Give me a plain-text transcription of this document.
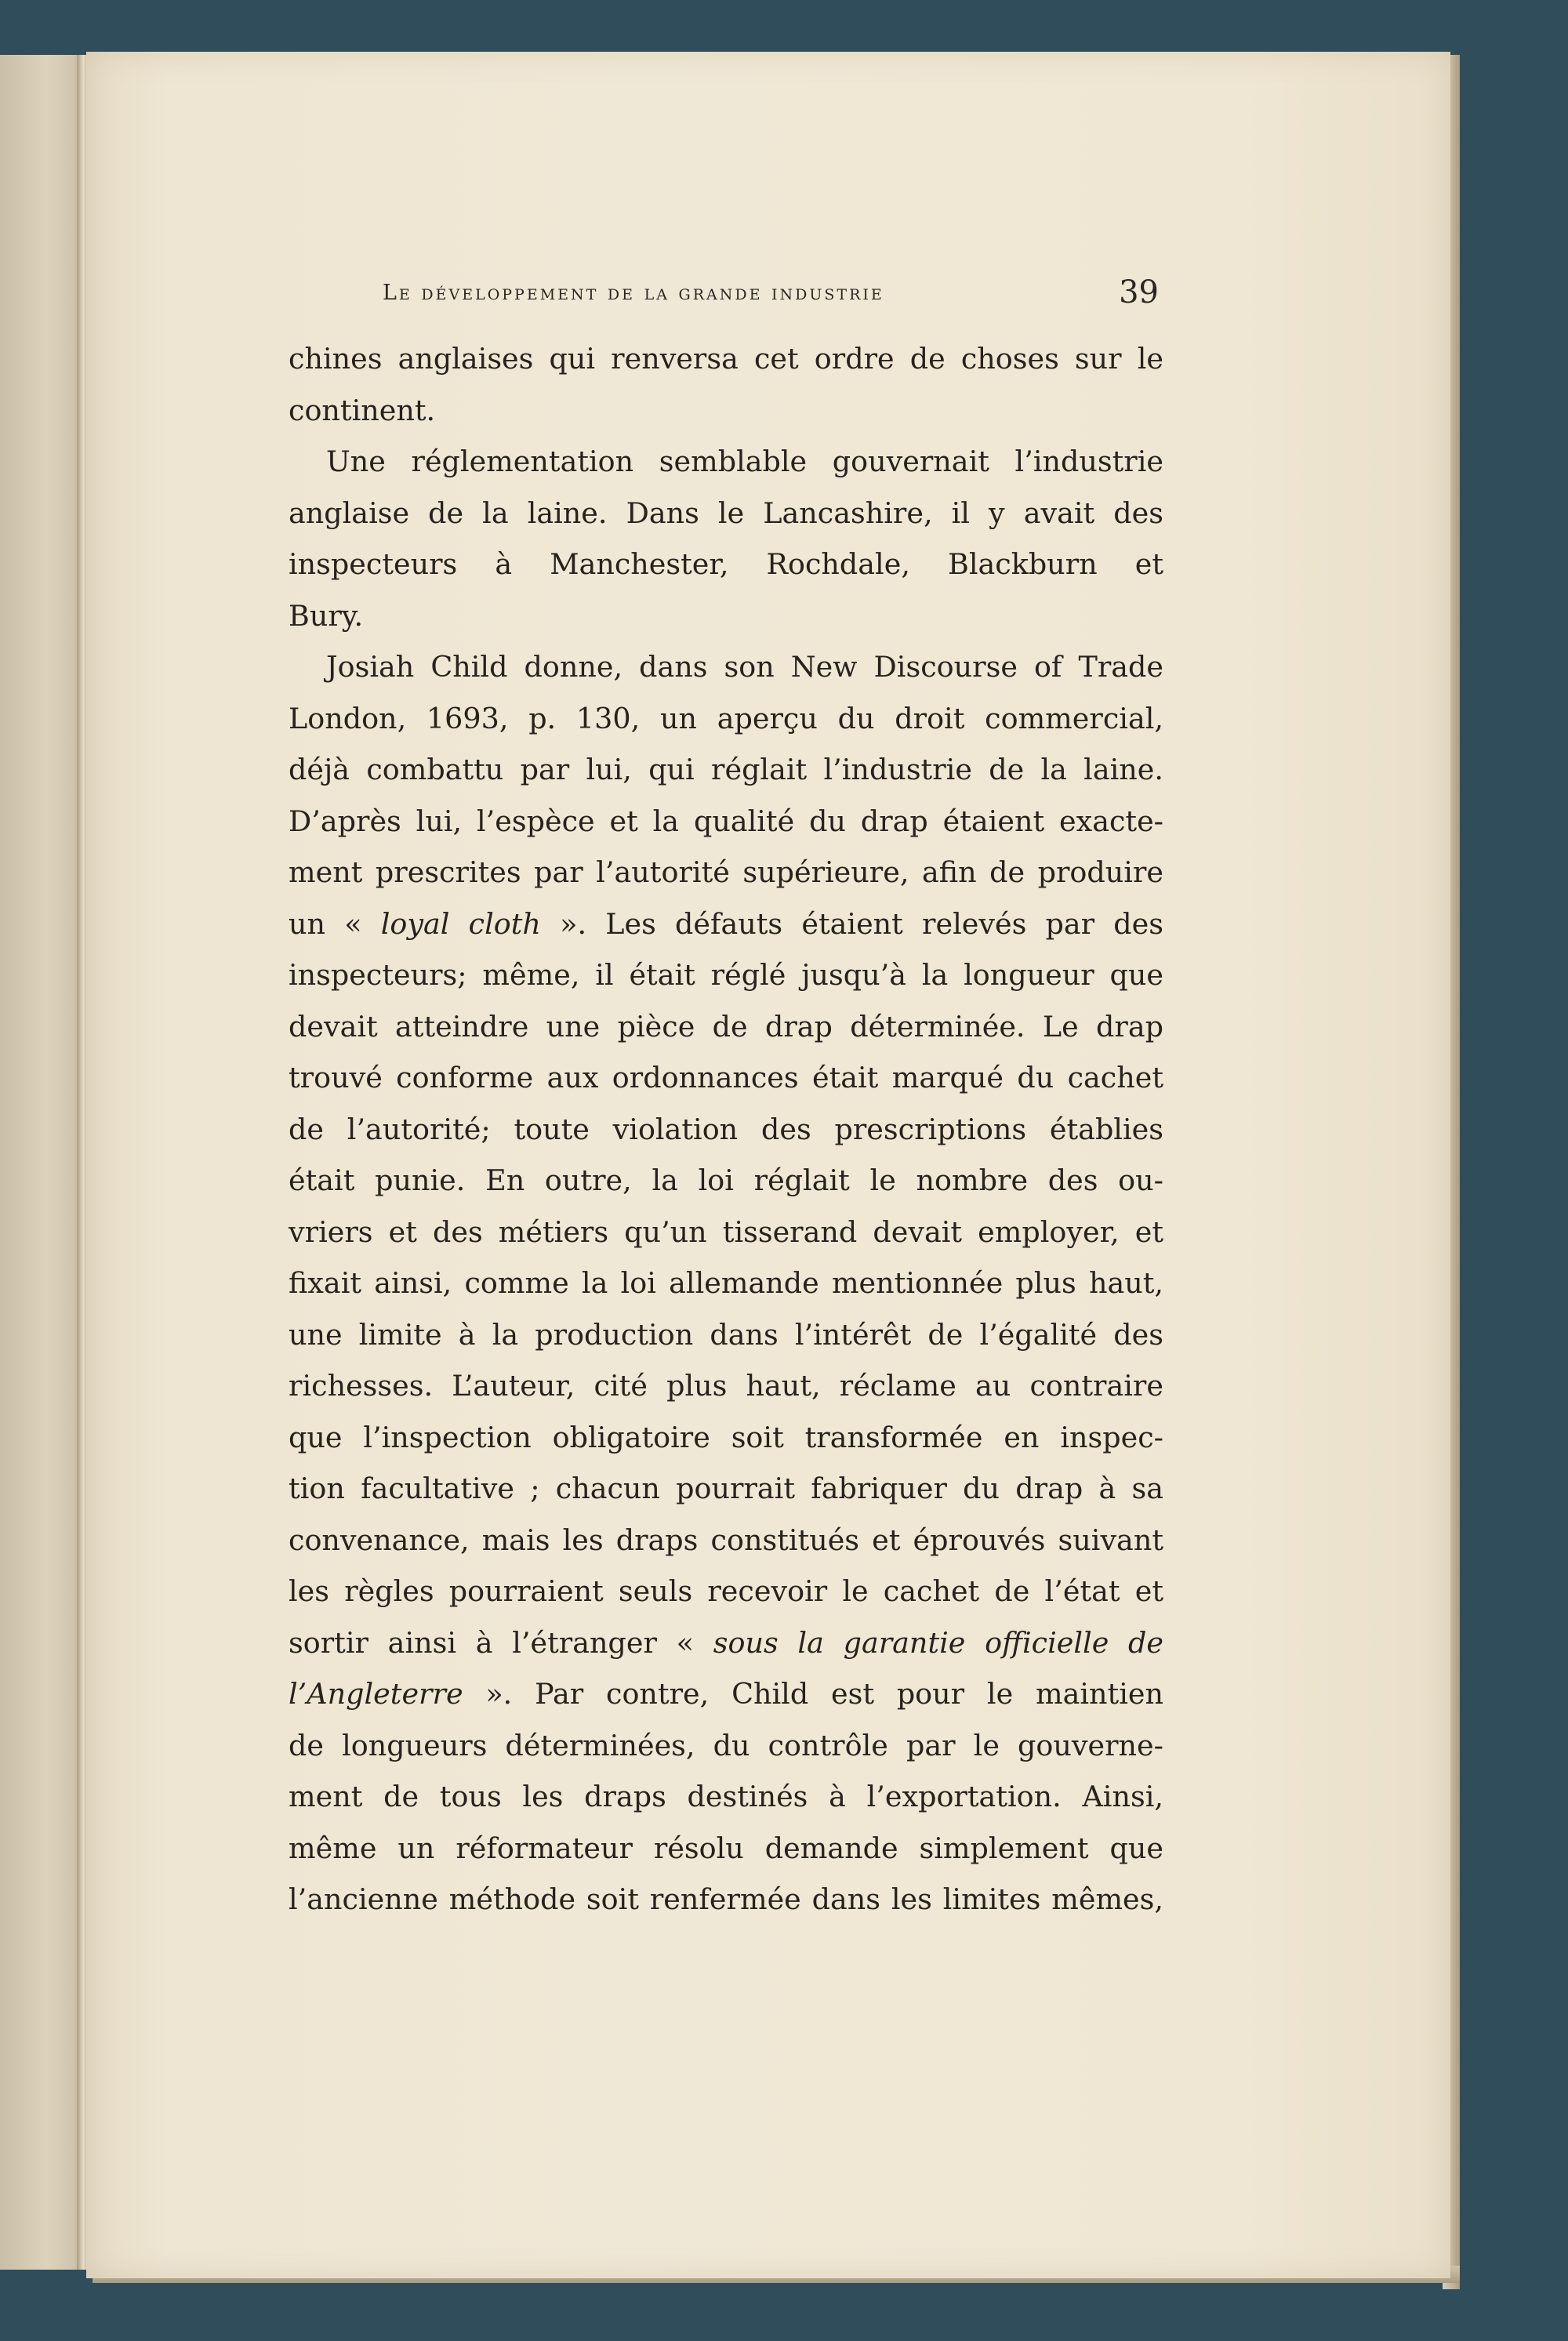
Le développement de la grande industrie	39

chines anglaises qui renversa cet ordre de choses sur le

continent.

Une réglementation semblable gouvernait l’industrie

anglaise de la laine. Dans le Lancashire, il y avait des

inspecteurs à Manchester, Rochdale, Blackburn et

Bury.

Josiah Child donne, dans son New Discourse of Trade

London, 1693, p. 130, un aperçu du droit commercial,

déjà combattu par lui, qui réglait l’industrie de la laine.

D’après lui, l’espèce et la qualité du drap étaient exacte-

ment prescrites par l’autorité supérieure, afin de produire

un « loyal cloth ». Les défauts étaient relevés par des

inspecteurs; même, il était réglé jusqu’à la longueur que

devait atteindre une pièce de drap déterminée. Le drap

trouvé conforme aux ordonnances était marqué du cachet

de l’autorité; toute violation des prescriptions établies

était punie. En outre, la loi réglait le nombre des ou-

vriers et des métiers qu’un tisserand devait employer, et

fixait ainsi, comme la loi allemande mentionnée plus haut,

une limite à la production dans l’intérêt de l’égalité des

richesses. L’auteur, cité plus haut, réclame au contraire

que l’inspection obligatoire soit transformée en inspec-

tion facultative ; chacun pourrait fabriquer du drap à sa

convenance, mais les draps constitués et éprouvés suivant

les règles pourraient seuls recevoir le cachet de l’état et

sortir ainsi à l’étranger « sous la garantie officielle de

l’Angleterre ». Par contre, Child est pour le maintien

de longueurs déterminées, du contrôle par le gouverne-

ment de tous les draps destinés à l’exportation. Ainsi,

même un réformateur résolu demande simplement que

l’ancienne méthode soit renfermée dans les limites mêmes,
